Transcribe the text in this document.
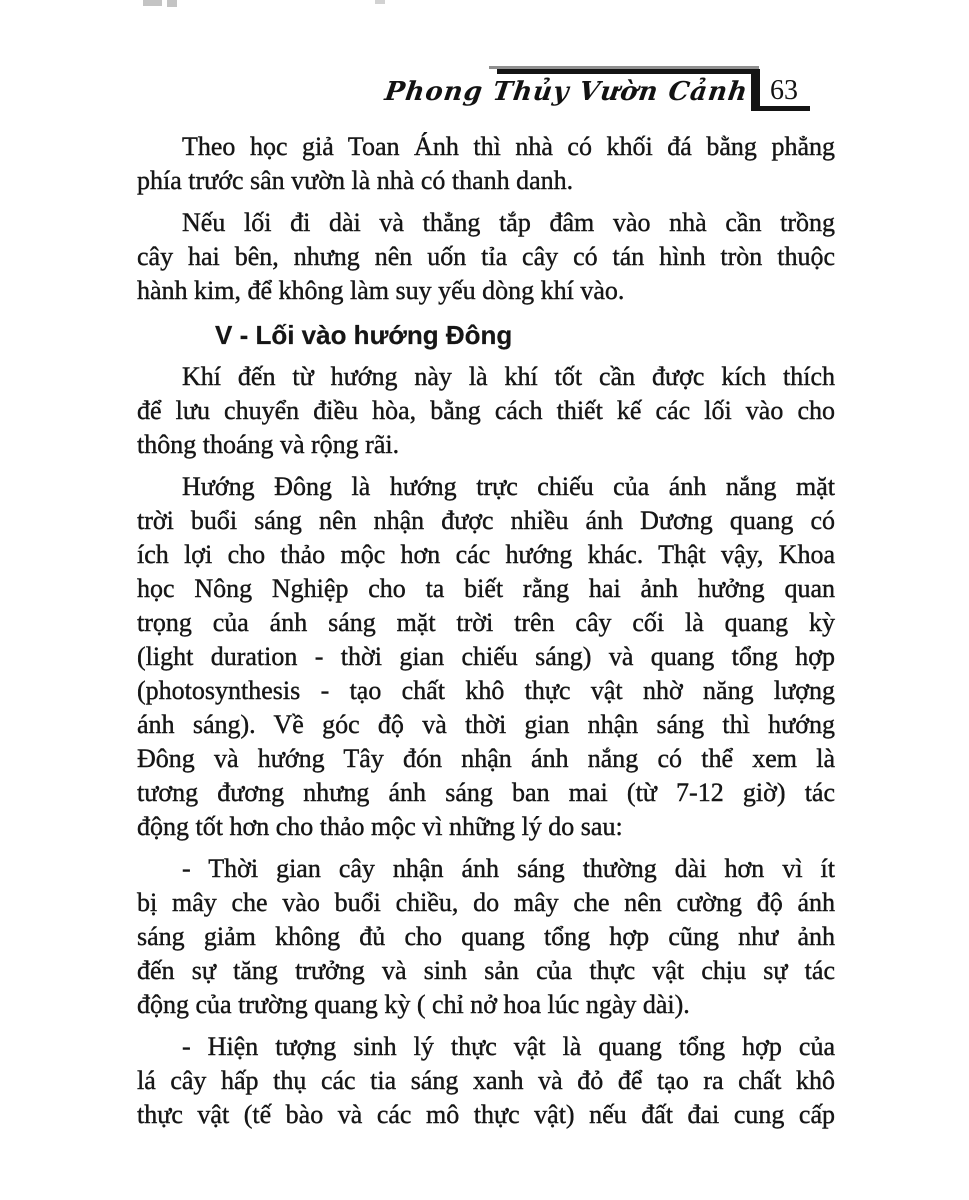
Phong Thủy Vườn Cảnh 63
Theo học giả Toan Ánh thì nhà có khối đá bằng phẳng
phía trước sân vườn là nhà có thanh danh.
Nếu lối đi dài và thẳng tắp đâm vào nhà cần trồng
cây hai bên, nhưng nên uốn tỉa cây có tán hình tròn thuộc
hành kim, để không làm suy yếu dòng khí vào.
V - Lối vào hướng Đông
Khí đến từ hướng này là khí tốt cần được kích thích
để lưu chuyển điều hòa, bằng cách thiết kế các lối vào cho
thông thoáng và rộng rãi.
Hướng Đông là hướng trực chiếu của ánh nắng mặt
trời buổi sáng nên nhận được nhiều ánh Dương quang có
ích lợi cho thảo mộc hơn các hướng khác. Thật vậy, Khoa
học Nông Nghiệp cho ta biết rằng hai ảnh hưởng quan
trọng của ánh sáng mặt trời trên cây cối là quang kỳ
(light duration - thời gian chiếu sáng) và quang tổng hợp
(photosynthesis - tạo chất khô thực vật nhờ năng lượng
ánh sáng). Về góc độ và thời gian nhận sáng thì hướng
Đông và hướng Tây đón nhận ánh nắng có thể xem là
tương đương nhưng ánh sáng ban mai (từ 7-12 giờ) tác
động tốt hơn cho thảo mộc vì những lý do sau:
- Thời gian cây nhận ánh sáng thường dài hơn vì ít
bị mây che vào buổi chiều, do mây che nên cường độ ánh
sáng giảm không đủ cho quang tổng hợp cũng như ảnh
đến sự tăng trưởng và sinh sản của thực vật chịu sự tác
động của trường quang kỳ ( chỉ nở hoa lúc ngày dài).
- Hiện tượng sinh lý thực vật là quang tổng hợp của
lá cây hấp thụ các tia sáng xanh và đỏ để tạo ra chất khô
thực vật (tế bào và các mô thực vật) nếu đất đai cung cấp
